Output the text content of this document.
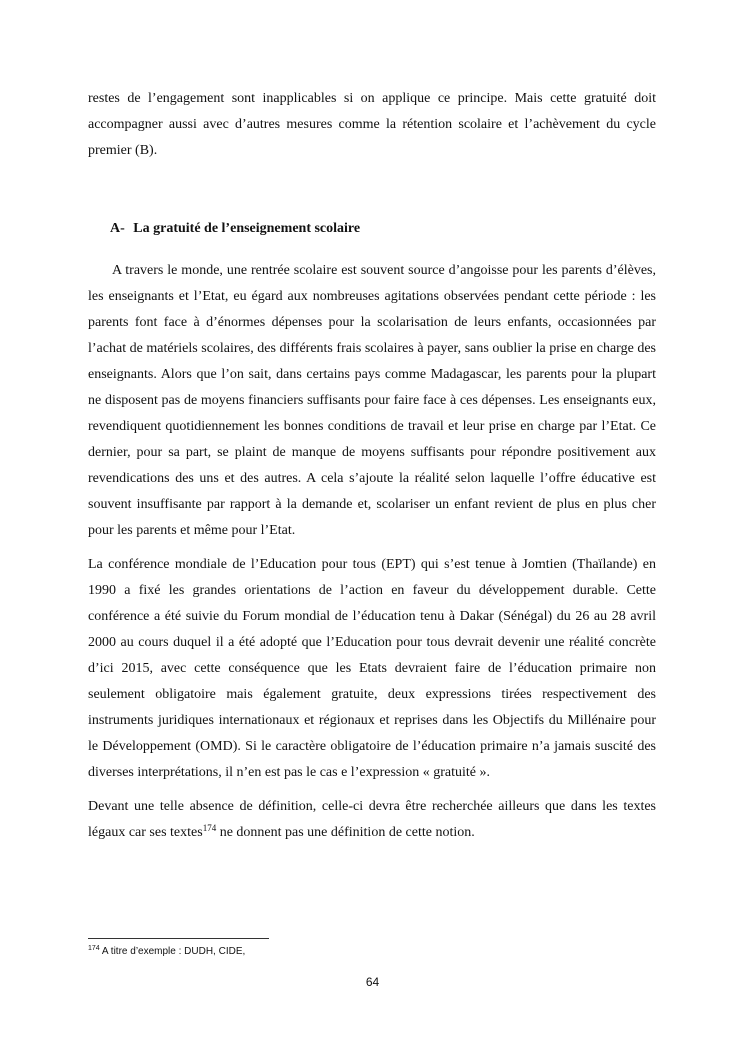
restes de l’engagement sont inapplicables si on applique ce principe. Mais cette gratuité doit accompagner aussi avec d’autres mesures comme la rétention scolaire et l’achèvement du cycle premier (B).

A- La gratuité de l’enseignement scolaire

A travers le monde, une rentrée scolaire est souvent source d’angoisse pour les parents d’élèves, les enseignants et l’Etat, eu égard aux nombreuses agitations observées pendant cette période : les parents font face à d’énormes dépenses pour la scolarisation de leurs enfants, occasionnées par l’achat de matériels scolaires, des différents frais scolaires à payer, sans oublier la prise en charge des enseignants. Alors que l’on sait, dans certains pays comme Madagascar, les parents pour la plupart ne disposent pas de moyens financiers suffisants pour faire face à ces dépenses. Les enseignants eux, revendiquent quotidiennement les bonnes conditions de travail et leur prise en charge par l’Etat. Ce dernier, pour sa part, se plaint de manque de moyens suffisants pour répondre positivement aux revendications des uns et des autres. A cela s’ajoute la réalité selon laquelle l’offre éducative est souvent insuffisante par rapport à la demande et, scolariser un enfant revient de plus en plus cher pour les parents et même pour l’Etat.

La conférence mondiale de l’Education pour tous (EPT) qui s’est tenue à Jomtien (Thaïlande) en 1990 a fixé les grandes orientations de l’action en faveur du développement durable. Cette conférence a été suivie du Forum mondial de l’éducation tenu à Dakar (Sénégal) du 26 au 28 avril 2000 au cours duquel il a été adopté que l’Education pour tous devrait devenir une réalité concrète d’ici 2015, avec cette conséquence que les Etats devraient faire de l’éducation primaire non seulement obligatoire mais également gratuite, deux expressions tirées respectivement des instruments juridiques internationaux et régionaux et reprises dans les Objectifs du Millénaire pour le Développement (OMD). Si le caractère obligatoire de l’éducation primaire n’a jamais suscité des diverses interprétations, il n’en est pas le cas e l’expression « gratuité ».

Devant une telle absence de définition, celle-ci devra être recherchée ailleurs que dans les textes légaux car ses textes$^{174}$ ne donnent pas une définition de cette notion.

$^{174}$ A titre d’exemple : DUDH, CIDE,
64
